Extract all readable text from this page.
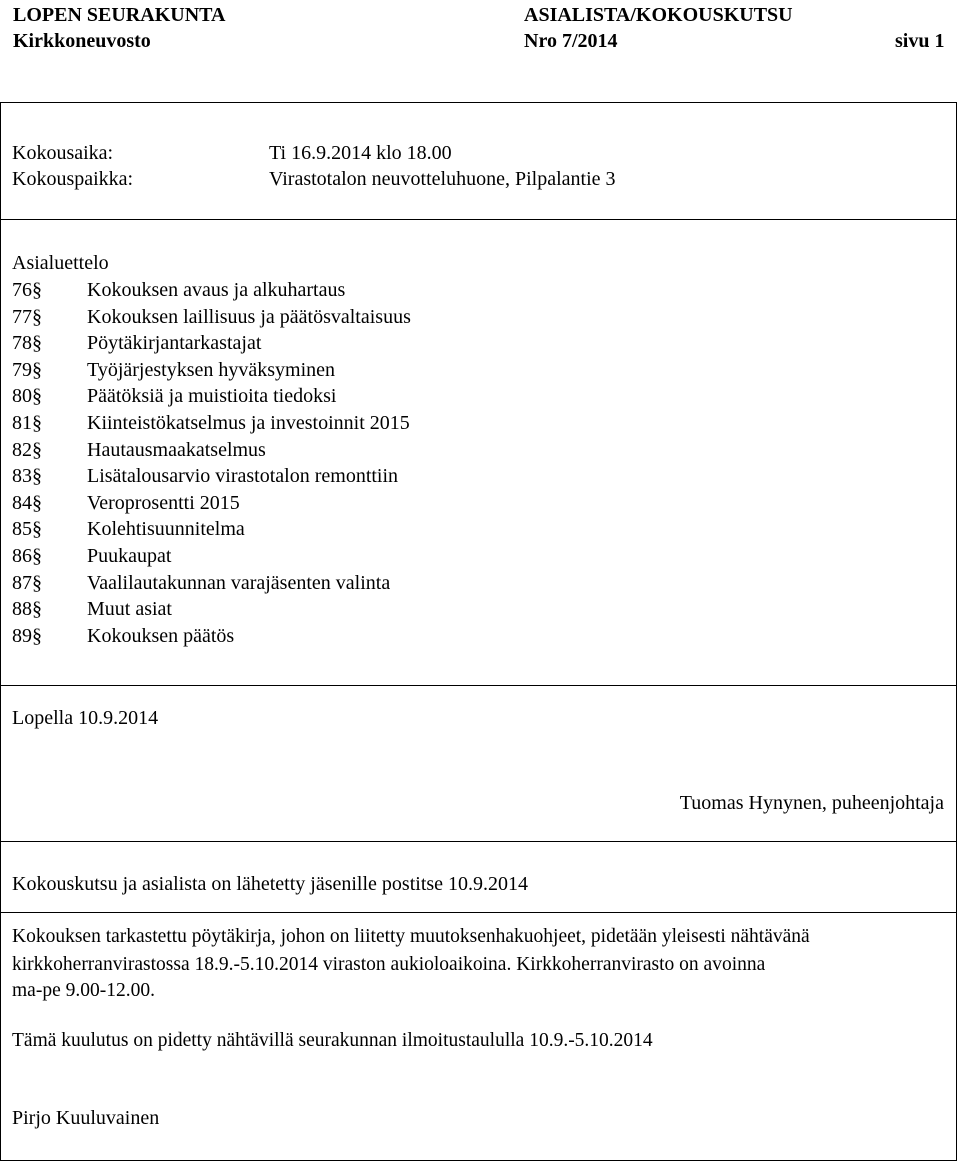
LOPEN SEURAKUNTA
Kirkkoneuvosto
ASIALISTA/KOKOUSKUTSU
Nro 7/2014	sivu 1
Kokousaika:	Ti 16.9.2014 klo 18.00
Kokouspaikka:	Virastotalon neuvotteluhuone, Pilpalantie 3
Asialuettelo
76§ Kokouksen avaus ja alkuhartaus
77§ Kokouksen laillisuus ja päätösvaltaisuus
78§ Pöytäkirjantarkastajat
79§ Työjärjestyksen hyväksyminen
80§ Päätöksiä ja muistioita tiedoksi
81§ Kiinteistökatselmus ja investoinnit 2015
82§ Hautausmaakatselmus
83§ Lisätalousarvio virastotalon remonttiin
84§ Veroprosentti 2015
85§ Kolehtisuunnitelma
86§ Puukaupat
87§ Vaalilautakunnan varajäsenten valinta
88§ Muut asiat
89§ Kokouksen päätös
Lopella 10.9.2014
Tuomas Hynynen, puheenjohtaja
Kokouskutsu ja asialista on lähetetty jäsenille postitse 10.9.2014
Kokouksen tarkastettu pöytäkirja, johon on liitetty muutoksenhakuohjeet, pidetään yleisesti nähtävänä
kirkkoherranvirastossa 18.9.-5.10.2014 viraston aukioloaikoina. Kirkkoherranvirasto on avoinna
ma-pe 9.00-12.00.
Tämä kuulutus on pidetty nähtävillä seurakunnan ilmoitustaululla 10.9.-5.10.2014
Pirjo Kuuluvainen
